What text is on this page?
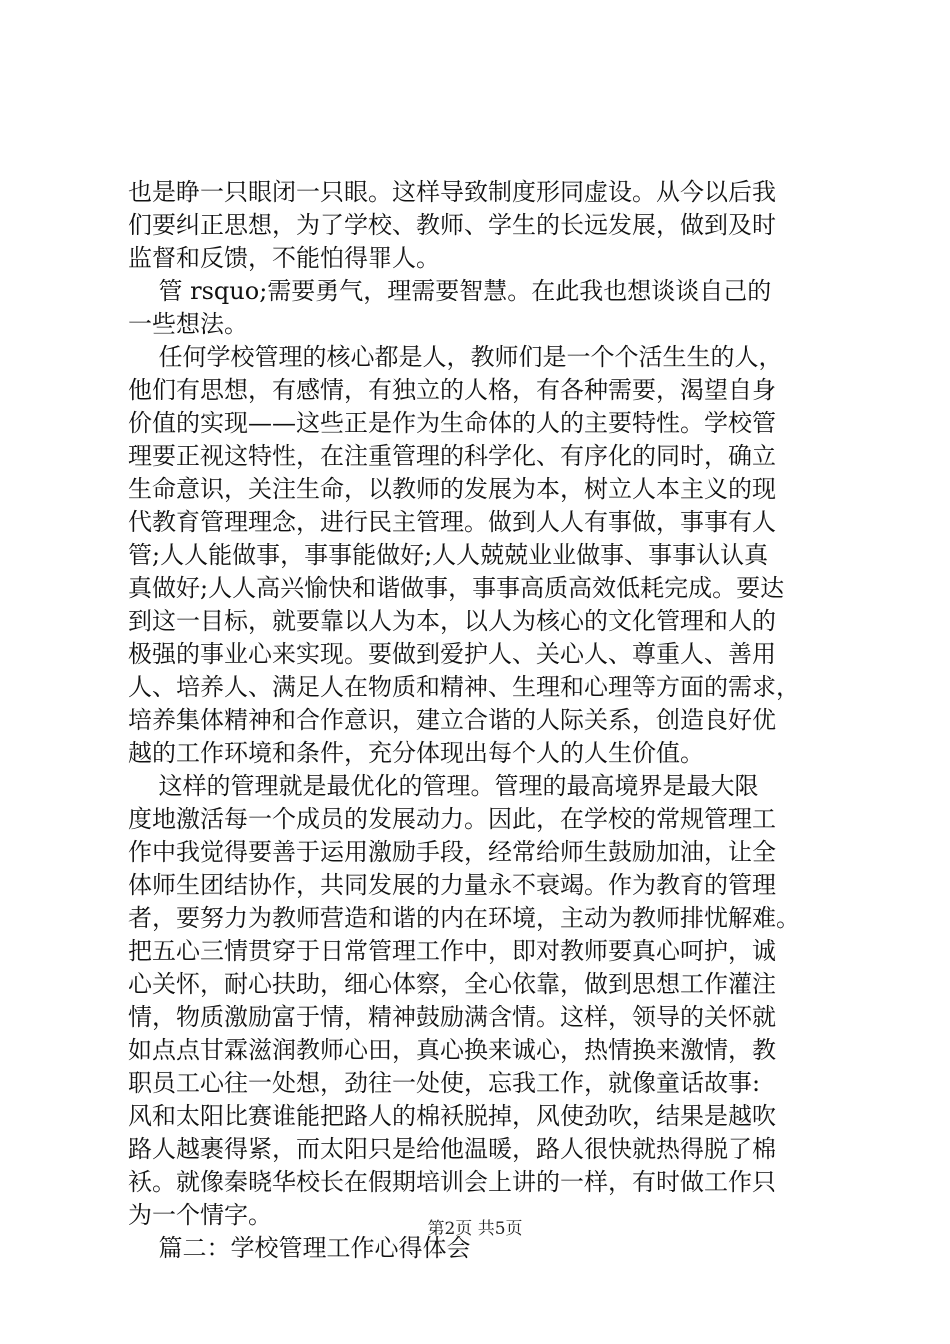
也是睁一只眼闭一只眼。这样导致制度形同虚设。从今以后我
们要纠正思想，为了学校、教师、学生的长远发展，做到及时
监督和反馈，不能怕得罪人。
管 rsquo;需要勇气，理需要智慧。在此我也想谈谈自己的
一些想法。
任何学校管理的核心都是人，教师们是一个个活生生的人，
他们有思想，有感情，有独立的人格，有各种需要，渴望自身
价值的实现——这些正是作为生命体的人的主要特性。学校管
理要正视这特性，在注重管理的科学化、有序化的同时，确立
生命意识，关注生命，以教师的发展为本，树立人本主义的现
代教育管理理念，进行民主管理。做到人人有事做，事事有人
管;人人能做事，事事能做好;人人兢兢业业做事、事事认认真
真做好;人人高兴愉快和谐做事，事事高质高效低耗完成。要达
到这一目标，就要靠以人为本，以人为核心的文化管理和人的
极强的事业心来实现。要做到爱护人、关心人、尊重人、善用
人、培养人、满足人在物质和精神、生理和心理等方面的需求，
培养集体精神和合作意识，建立合谐的人际关系，创造良好优
越的工作环境和条件，充分体现出每个人的人生价值。
这样的管理就是最优化的管理。管理的最高境界是最大限
度地激活每一个成员的发展动力。因此，在学校的常规管理工
作中我觉得要善于运用激励手段，经常给师生鼓励加油，让全
体师生团结协作，共同发展的力量永不衰竭。作为教育的管理
者，要努力为教师营造和谐的内在环境，主动为教师排忧解难。
把五心三情贯穿于日常管理工作中，即对教师要真心呵护，诚
心关怀，耐心扶助，细心体察，全心依靠，做到思想工作灌注
情，物质激励富于情，精神鼓励满含情。这样，领导的关怀就
如点点甘霖滋润教师心田，真心换来诚心，热情换来激情，教
职员工心往一处想，劲往一处使，忘我工作，就像童话故事:
风和太阳比赛谁能把路人的棉袄脱掉，风使劲吹，结果是越吹
路人越裹得紧，而太阳只是给他温暖，路人很快就热得脱了棉
袄。就像秦晓华校长在假期培训会上讲的一样，有时做工作只
为一个情字。
篇二：学校管理工作心得体会
第2页 共5页
